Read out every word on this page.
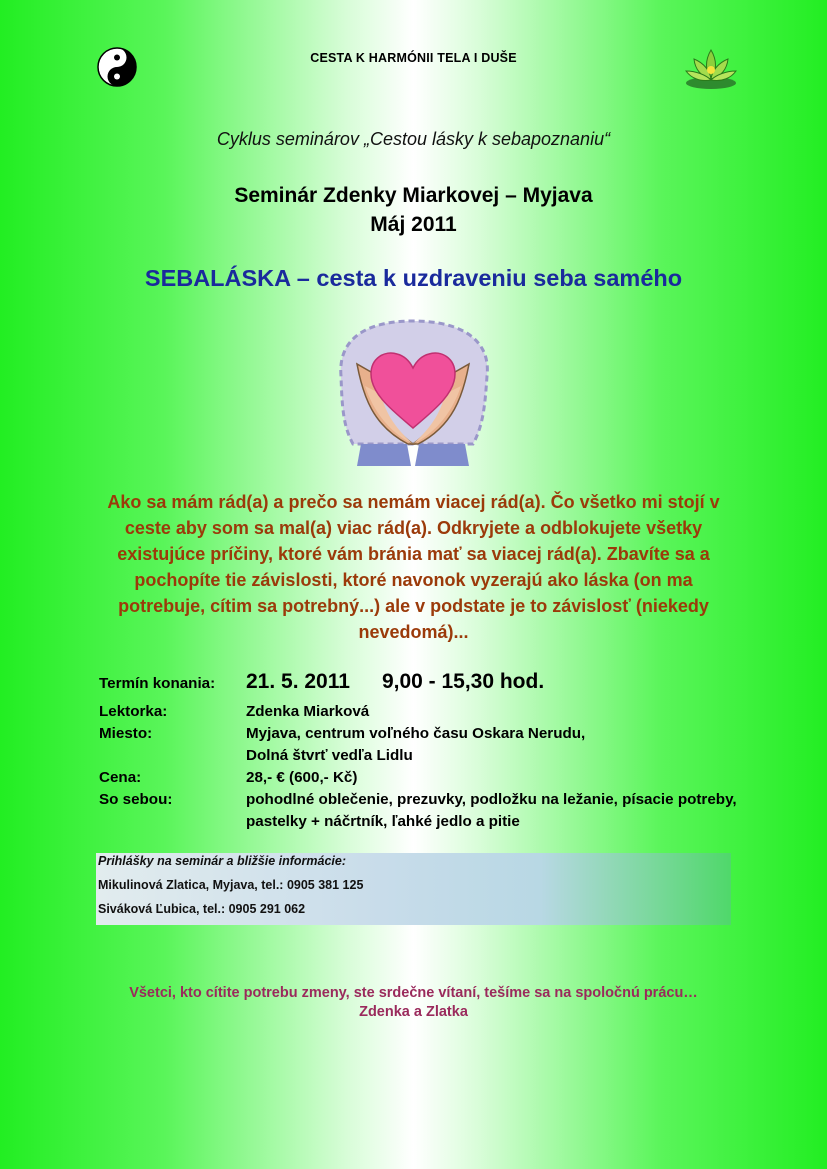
CESTA K HARMÓNII TELA I DUŠE
Cyklus seminárov „Cestou lásky k sebapoznaniu“
Seminár Zdenky Miarkovej – Myjava
Máj 2011
SEBALÁSKA – cesta k uzdraveniu seba samého
Ako sa mám rád(a) a prečo sa nemám viacej rád(a). Čo všetko mi stojí v ceste aby som sa mal(a) viac rád(a). Odkryjete a odblokujete všetky existujúce príčiny, ktoré vám bránia mať sa viacej rád(a). Zbavíte sa a pochopíte tie závislosti, ktoré navonok vyzerajú ako láska (on ma potrebuje, cítim sa potrebný...) ale v podstate je to závislosť (niekedy nevedomá)...
Termín konania:	21. 5. 2011 9,00 - 15,30 hod.
Lektorka:	Zdenka Miarková
Miesto:	Myjava, centrum voľného času Oskara Nerudu,
Dolná štvrť vedľa Lidlu
Cena:	28,- € (600,- Kč)
So sebou:	pohodlné oblečenie, prezuvky, podložku na ležanie, písacie potreby, pastelky + náčrtník, ľahké jedlo a pitie
Prihlášky na seminár a bližšie informácie:
Mikulinová Zlatica, Myjava, tel.: 0905 381 125
Siváková Ľubica, tel.: 0905 291 062
Všetci, kto cítite potrebu zmeny, ste srdečne vítaní, tešíme sa na spoločnú prácu…
Zdenka a Zlatka
